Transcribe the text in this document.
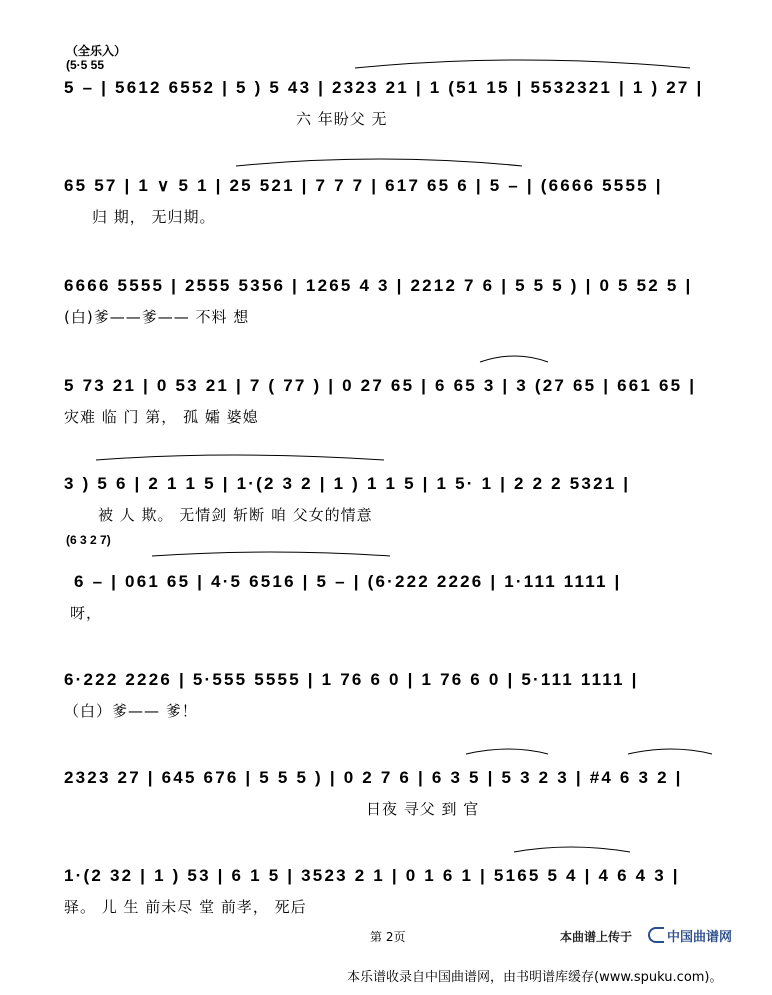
（全乐入）
(5·5 55
(6 3 2 7)
5 – | 5612 6552 | 5 ) 5 43 | 2323 21 | 1 (51 15 | 5532321 | 1 ) 27 |
六 年盼父 无
65 57 | 1 ∨ 5 1 | 25 521 | 7 7 7 | 617 65 6 | 5 – | (6666 5555 |
归 期， 无归期。
6666 5555 | 2555 5356 | 1265 4 3 | 2212 7 6 | 5 5 5 ) | 0 5 52 5 |
(白)爹——爹—— 不料 想
5 73 21 | 0 53 21 | 7 ( 77 ) | 0 27 65 | 6 65 3 | 3 (27 65 | 661 65 |
灾难 临 门 第， 孤 孀 婆媳
3 ) 5 6 | 2 1 1 5 | 1·(2 3 2 | 1 ) 1 1 5 | 1 5· 1 | 2 2 2 5321 |
被 人 欺。 无情剑 斩断 咱 父女的情意
6 – | 061 65 | 4·5 6516 | 5 – | (6·222 2226 | 1·111 1111 |
呀，
6·222 2226 | 5·555 5555 | 1 76 6 0 | 1 76 6 0 | 5·111 1111 |
（白）爹—— 爹！
2323 27 | 645 676 | 5 5 5 ) | 0 2 7 6 | 6 3 5 | 5 3 2 3 | #4 6 3 2 |
日夜 寻父 到 官
1·(2 32 | 1 ) 53 | 6 1 5 | 3523 2 1 | 0 1 6 1 | 5165 5 4 | 4 6 4 3 |
驿。 儿 生 前未尽 堂 前孝， 死后
第 2页	本曲谱上传于	中国曲谱网
本乐谱收录自中国曲谱网，由书明谱库缓存(www.spuku.com)。
